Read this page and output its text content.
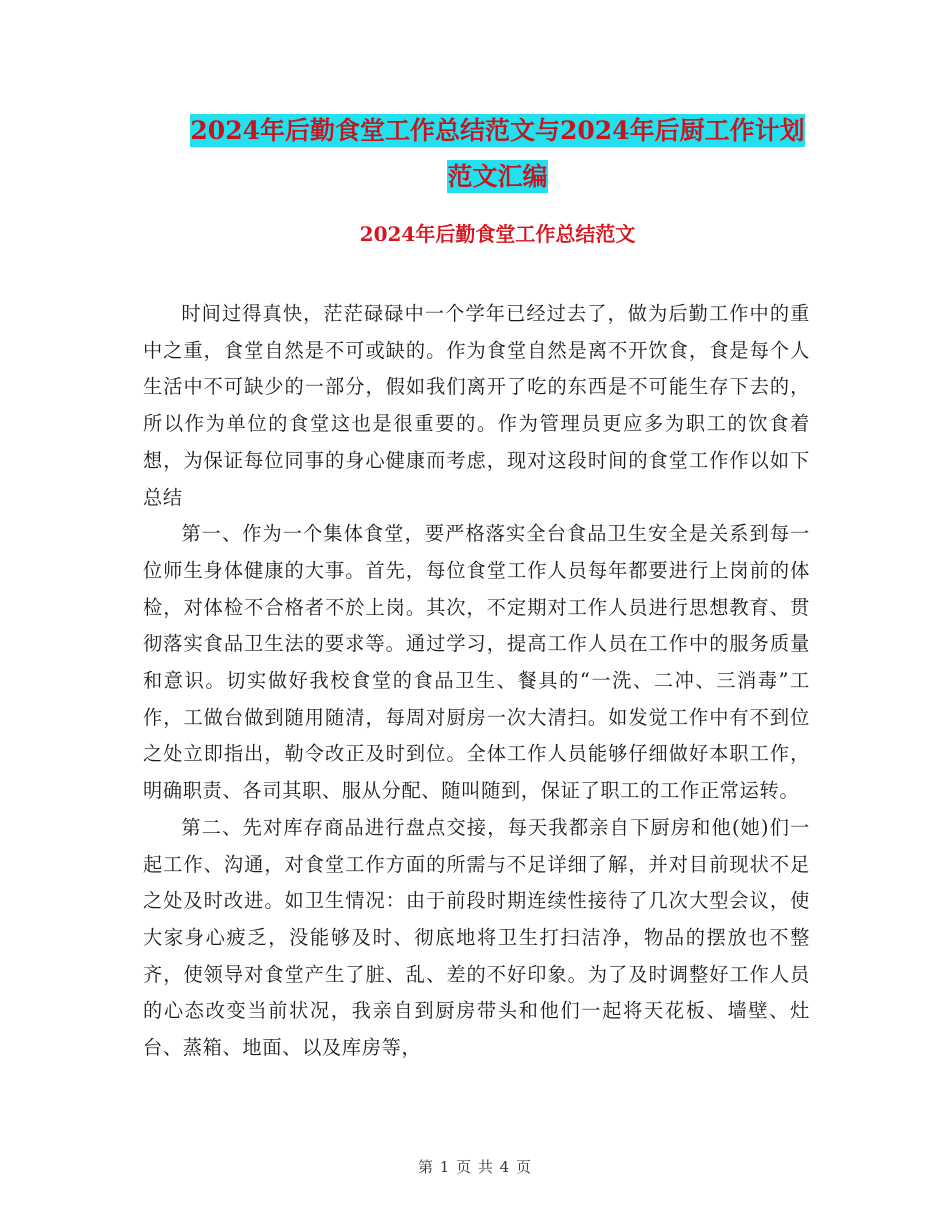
2024年后勤食堂工作总结范文与2024年后厨工作计划
范文汇编
2024年后勤食堂工作总结范文

时间过得真快，茫茫碌碌中一个学年已经过去了，做为后勤工作中的重中之重，食堂自然是不可或缺的。作为食堂自然是离不开饮食，食是每个人生活中不可缺少的一部分，假如我们离开了吃的东西是不可能生存下去的，所以作为单位的食堂这也是很重要的。作为管理员更应多为职工的饮食着想，为保证每位同事的身心健康而考虑，现对这段时间的食堂工作作以如下总结

第一、作为一个集体食堂，要严格落实全台食品卫生安全是关系到每一位师生身体健康的大事。首先，每位食堂工作人员每年都要进行上岗前的体检，对体检不合格者不於上岗。其次，不定期对工作人员进行思想教育、贯彻落实食品卫生法的要求等。通过学习，提高工作人员在工作中的服务质量和意识。切实做好我校食堂的食品卫生、餐具的“一洗、二冲、三消毒”工作，工做台做到随用随清，每周对厨房一次大清扫。如发觉工作中有不到位之处立即指出，勒令改正及时到位。全体工作人员能够仔细做好本职工作，明确职责、各司其职、服从分配、随叫随到，保证了职工的工作正常运转。

第二、先对库存商品进行盘点交接，每天我都亲自下厨房和他(她)们一起工作、沟通，对食堂工作方面的所需与不足详细了解，并对目前现状不足之处及时改进。如卫生情况：由于前段时期连续性接待了几次大型会议，使大家身心疲乏，没能够及时、彻底地将卫生打扫洁净，物品的摆放也不整齐，使领导对食堂产生了脏、乱、差的不好印象。为了及时调整好工作人员的心态改变当前状况，我亲自到厨房带头和他们一起将天花板、墙壁、灶台、蒸箱、地面、以及库房等，

第 1 页 共 4 页
